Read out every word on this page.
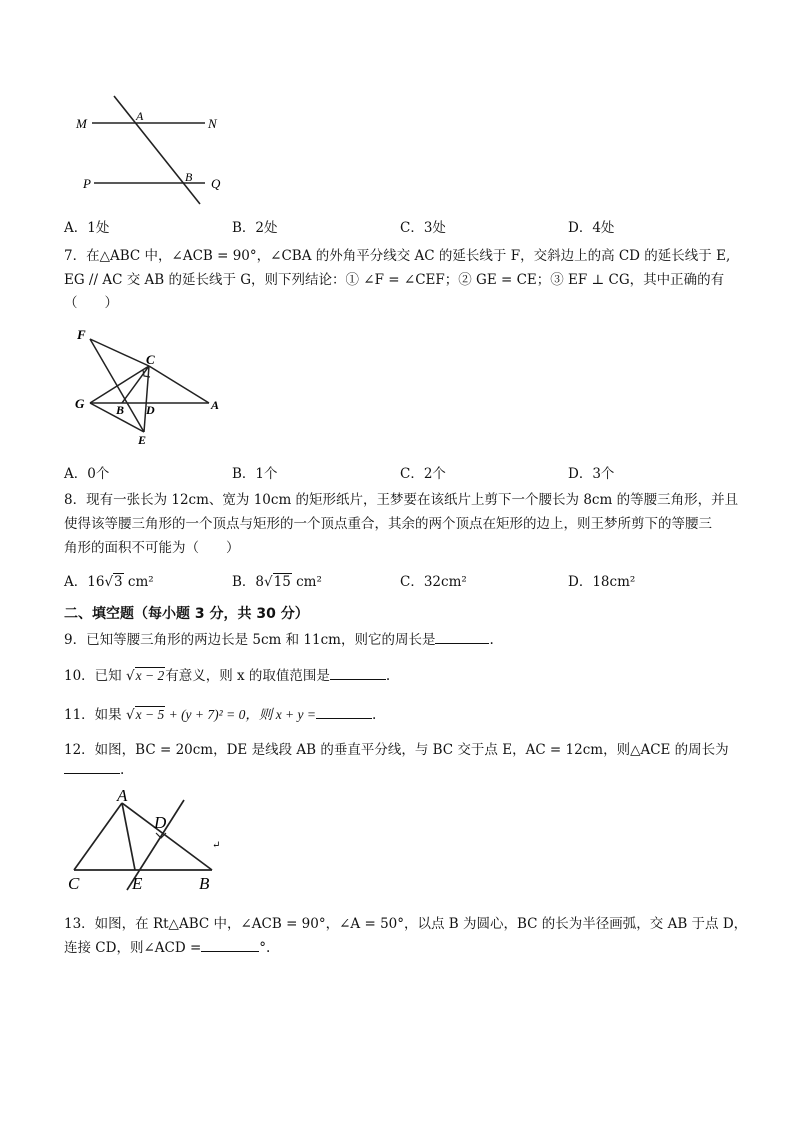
M	A	N
P	B Q
A．1处	B．2处	C．3处	D．4处
7．在△ABC 中，∠ACB = 90°，∠CBA 的外角平分线交 AC 的延长线于 F，交斜边上的高 CD 的延长线于 E,
EG // AC 交 AB 的延长线于 G，则下列结论：① ∠F = ∠CEF；② GE = CE；③ EF ⊥ CG，其中正确的有
（　　）
F
C
G	B D	A
E
A．0个	B．1个	C．2个	D．3个
8．现有一张长为 12cm、宽为 10cm 的矩形纸片，王梦要在该纸片上剪下一个腰长为 8cm 的等腰三角形，并且
使得该等腰三角形的一个顶点与矩形的一个顶点重合，其余的两个顶点在矩形的边上，则王梦所剪下的等腰三
角形的面积不可能为（　　）
A．16√3 cm²	B．8√15 cm²	C．32cm²	D．18cm²
二、填空题（每小题 3 分，共 30 分）
9．已知等腰三角形的两边长是 5cm 和 11cm，则它的周长是	.
10．已知 √x − 2有意义，则 x 的取值范围是	.
11．如果 √x − 5 + (y + 7)² = 0，则 x + y =	.
12．如图，BC = 20cm，DE 是线段 AB 的垂直平分线，与 BC 交于点 E，AC = 12cm，则△ACE 的周长为
.
A
D
C	E	B
↵
13．如图，在 Rt△ABC 中，∠ACB = 90°，∠A = 50°，以点 B 为圆心，BC 的长为半径画弧，交 AB 于点 D，
连接 CD，则∠ACD =	°.
